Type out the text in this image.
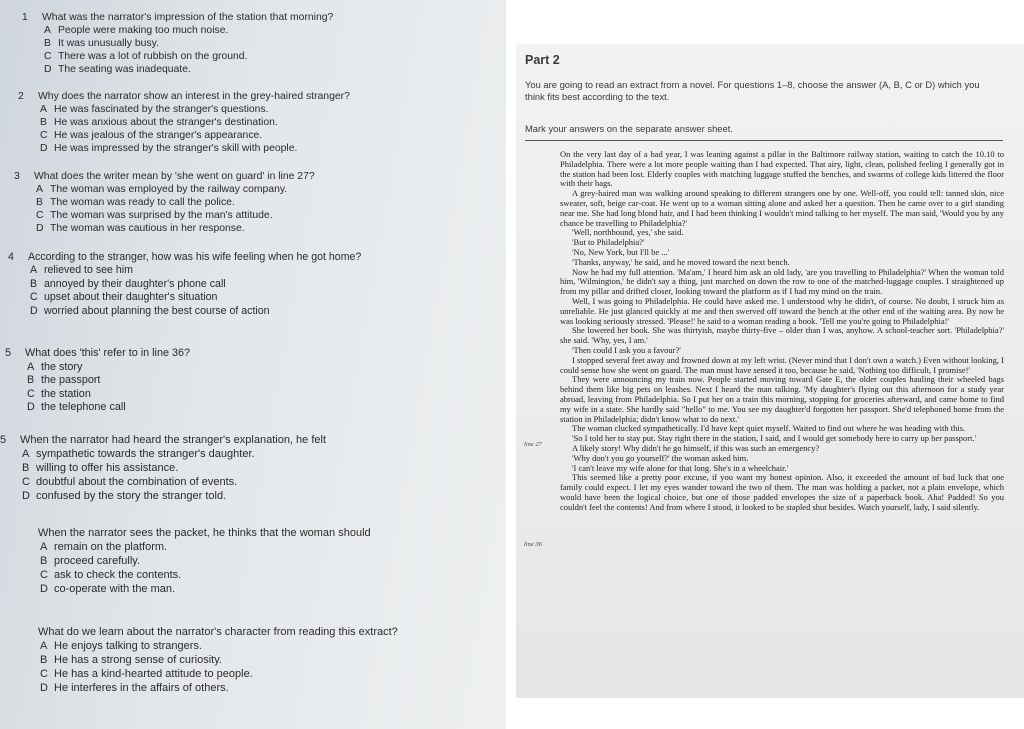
1 What was the narrator's impression of the station that morning?
A People were making too much noise.
B It was unusually busy.
C There was a lot of rubbish on the ground.
D The seating was inadequate.
2 Why does the narrator show an interest in the grey-haired stranger?
A He was fascinated by the stranger's questions.
B He was anxious about the stranger's destination.
C He was jealous of the stranger's appearance.
D He was impressed by the stranger's skill with people.
3 What does the writer mean by 'she went on guard' in line 27?
A The woman was employed by the railway company.
B The woman was ready to call the police.
C The woman was surprised by the man's attitude.
D The woman was cautious in her response.
4 According to the stranger, how was his wife feeling when he got home?
A relieved to see him
B annoyed by their daughter's phone call
C upset about their daughter's situation
D worried about planning the best course of action
5 What does 'this' refer to in line 36?
A the story
B the passport
C the station
D the telephone call
5 When the narrator had heard the stranger's explanation, he felt
A sympathetic towards the stranger's daughter.
B willing to offer his assistance.
C doubtful about the combination of events.
D confused by the story the stranger told.
When the narrator sees the packet, he thinks that the woman should
A remain on the platform.
B proceed carefully.
C ask to check the contents.
D co-operate with the man.
What do we learn about the narrator's character from reading this extract?
A He enjoys talking to strangers.
B He has a strong sense of curiosity.
C He has a kind-hearted attitude to people.
D He interferes in the affairs of others.
Part 2
You are going to read an extract from a novel. For questions 1–8, choose the answer (A, B, C or D) which you think fits best according to the text.
Mark your answers on the separate answer sheet.
line 27
line 36

On the very last day of a bad year, I was leaning against a pillar in the Baltimore railway station, waiting to catch the 10.10 to Philadelphia. There were a lot more people waiting than I had expected. That airy, light, clean, polished feeling I generally got in the station had been lost. Elderly couples with matching luggage stuffed the benches, and swarms of college kids littered the floor with their bags.

A grey-haired man was walking around speaking to different strangers one by one. Well-off, you could tell: tanned skin, nice sweater, soft, beige car-coat. He went up to a woman sitting alone and asked her a question. Then he came over to a girl standing near me. She had long blond hair, and I had been thinking I wouldn't mind talking to her myself. The man said, 'Would you by any chance be travelling to Philadelphia?'

'Well, northbound, yes,' she said.

'But to Philadelphia?'

'No, New York, but I'll be ...'

'Thanks, anyway,' he said, and he moved toward the next bench.

Now he had my full attention. 'Ma'am,' I heard him ask an old lady, 'are you travelling to Philadelphia?' When the woman told him, 'Wilmington,' he didn't say a thing, just marched on down the row to one of the matched-luggage couples. I straightened up from my pillar and drifted closer, looking toward the platform as if I had my mind on the train.

Well, I was going to Philadelphia. He could have asked me. I understood why he didn't, of course. No doubt, I struck him as unreliable. He just glanced quickly at me and then swerved off toward the bench at the other end of the waiting area. By now he was looking seriously stressed. 'Please!' he said to a woman reading a book. 'Tell me you're going to Philadelphia!'

She lowered her book. She was thirtyish, maybe thirty-five – older than I was, anyhow. A school-teacher sort. 'Philadelphia?' she said. 'Why, yes, I am.'

'Then could I ask you a favour?'

I stopped several feet away and frowned down at my left wrist. (Never mind that I don't own a watch.) Even without looking, I could sense how she went on guard. The man must have sensed it too, because he said, 'Nothing too difficult, I promise!'

They were announcing my train now. People started moving toward Gate E, the older couples hauling their wheeled bags behind them like big pets on leashes. Next I heard the man talking. 'My daughter's flying out this afternoon for a study year abroad, leaving from Philadelphia. So I put her on a train this morning, stopping for groceries afterward, and came home to find my wife in a state. She hardly said "hello" to me. You see my daughter'd forgotten her passport. She'd telephoned home from the station in Philadelphia; didn't know what to do next.'

The woman clucked sympathetically. I'd have kept quiet myself. Waited to find out where he was heading with this.

'So I told her to stay put. Stay right there in the station, I said, and I would get somebody here to carry up her passport.'

A likely story! Why didn't he go himself, if this was such an emergency?

'Why don't you go yourself?' the woman asked him.

'I can't leave my wife alone for that long. She's in a wheelchair.'

This seemed like a pretty poor excuse, if you want my honest opinion. Also, it exceeded the amount of bad luck that one family could expect. I let my eyes wander toward the two of them. The man was holding a packet, not a plain envelope, which would have been the logical choice, but one of those padded envelopes the size of a paperback book. Aha! Padded! So you couldn't feel the contents! And from where I stood, it looked to be stapled shut besides. Watch yourself, lady, I said silently.
